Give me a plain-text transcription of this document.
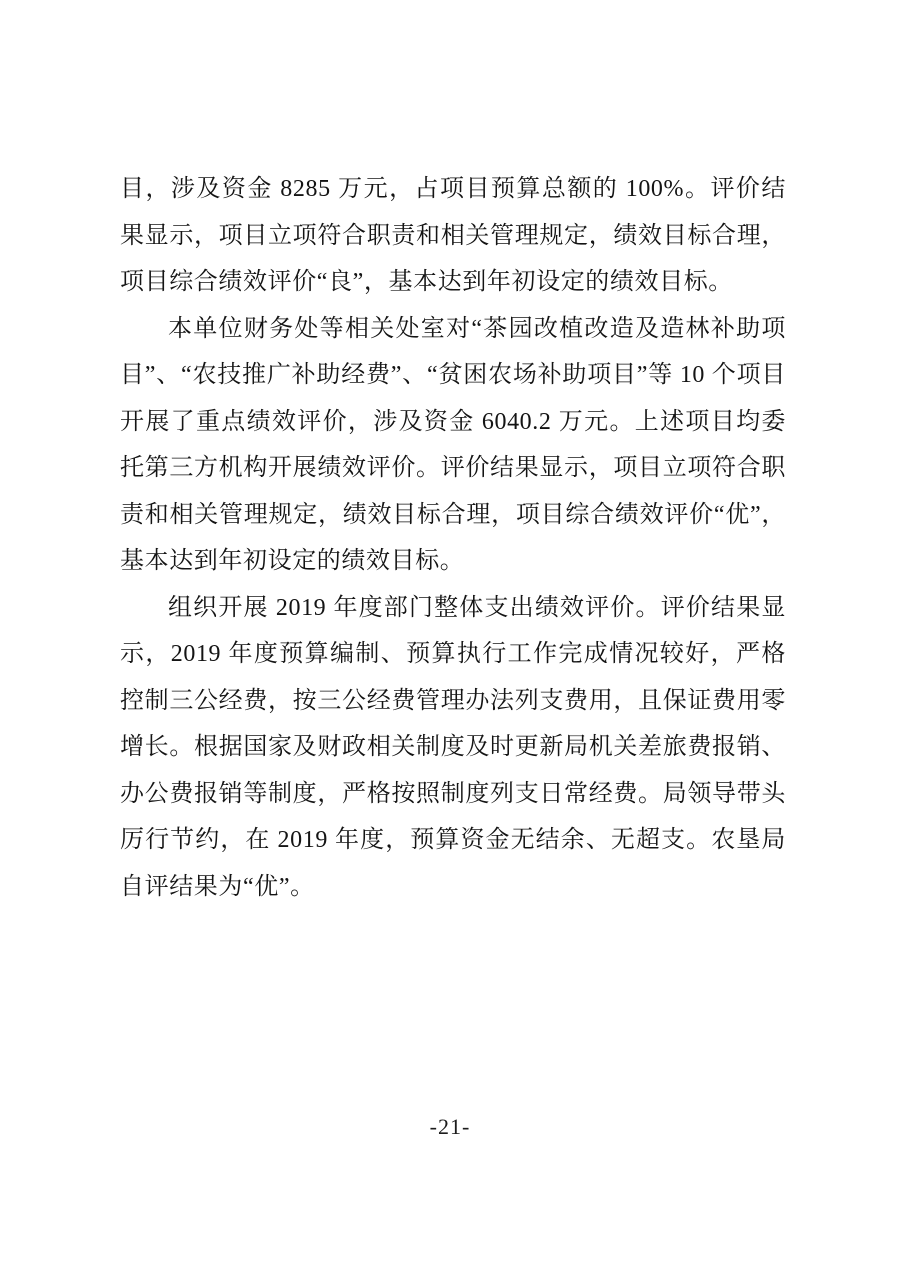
目，涉及资金 8285 万元，占项目预算总额的 100%。评价结果显示，项目立项符合职责和相关管理规定，绩效目标合理，项目综合绩效评价“良”，基本达到年初设定的绩效目标。

本单位财务处等相关处室对“茶园改植改造及造林补助项目”、“农技推广补助经费”、“贫困农场补助项目”等 10 个项目开展了重点绩效评价，涉及资金 6040.2 万元。上述项目均委托第三方机构开展绩效评价。评价结果显示，项目立项符合职责和相关管理规定，绩效目标合理，项目综合绩效评价“优”，基本达到年初设定的绩效目标。

组织开展 2019 年度部门整体支出绩效评价。评价结果显示，2019 年度预算编制、预算执行工作完成情况较好，严格控制三公经费，按三公经费管理办法列支费用，且保证费用零增长。根据国家及财政相关制度及时更新局机关差旅费报销、办公费报销等制度，严格按照制度列支日常经费。局领导带头厉行节约，在 2019 年度，预算资金无结余、无超支。农垦局自评结果为“优”。

-21-
